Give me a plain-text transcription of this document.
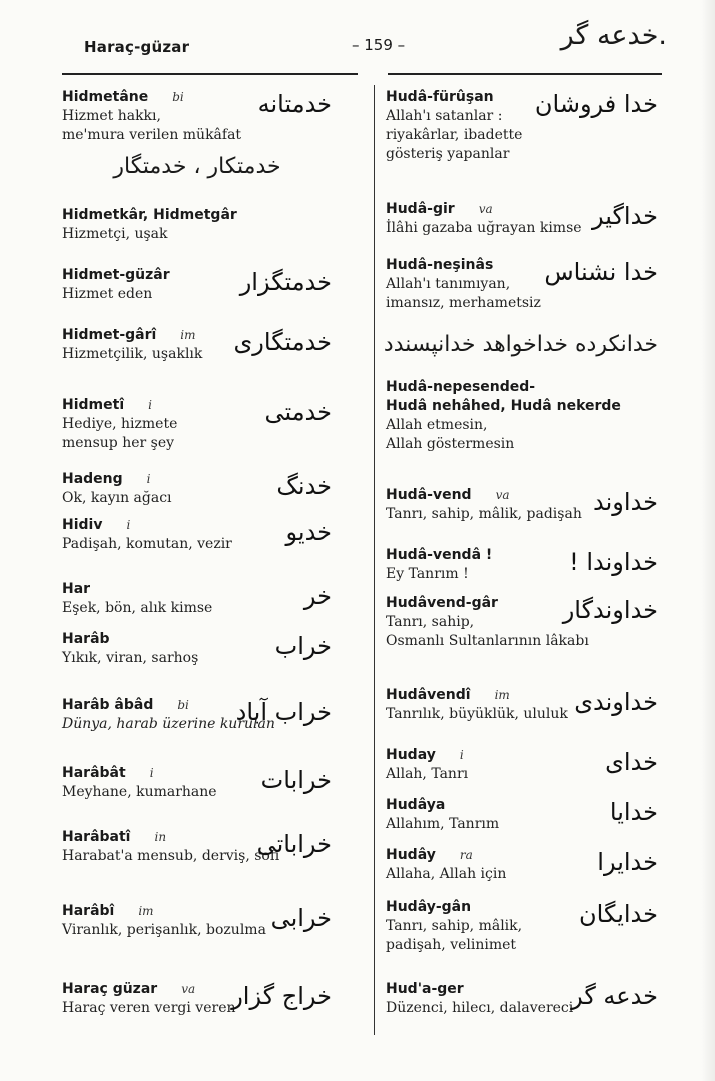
Haraç-güzar	– 159 –	خدعه گر.
Hidmetâne bi
Hizmet hakkı,
me'mura verilen mükâfat
خدمتانه
خدمتكار ، خدمتگار
Hidmetkâr, Hidmetgâr
Hizmetçi, uşak
Hidmet-güzâr
Hizmet eden	خدمتگزار
Hidmet-gârî im
Hizmetçilik, uşaklık	خدمتگاری
Hidmetî i
Hediye, hizmete
mensup her şey
خدمتی
Hadeng i
Ok, kayın ağacı	خدنگ
Hidiv i
Padişah, komutan, vezir	خدیو
Har
Eşek, bön, alık kimse	خر
Harâb
Yıkık, viran, sarhoş	خراب
Harâb âbâd bi
Dünya, harab üzerine kurulan
خراب آباد
Harâbât i
Meyhane, kumarhane	خرابات
Harâbatî in
Harabat'a mensub, derviş, sofi
خراباتی
Harâbî im
Viranlık, perişanlık, bozulma خرابی
Haraç güzar va
Haraç veren vergi veren
خراج گزار
Hudâ-fürûşan
Allah'ı satanlar :
riyakârlar, ibadette
gösteriş yapanlar
خدا فروشان
Hudâ-gir va
İlâhi gazaba uğrayan kimse خداگیر
Hudâ-neşinâs
Allah'ı tanımıyan,
imansız, merhametsiz
خدا نشناس
خدانكرده خداخواهد خدانپسندد
Hudâ-nepesended-
Hudâ nehâhed, Hudâ nekerde
Allah etmesin,
Allah göstermesin
Hudâ-vend va
Tanrı, sahip, mâlik, padişah خداوند
Hudâ-vendâ !
Ey Tanrım !	خداوندا !
Hudâvend-gâr
Tanrı, sahip,
Osmanlı Sultanlarının lâkabı
خداوندگار
Hudâvendî im
Tanrılık, büyüklük, ululuk خداوندی
Huday i
Allah, Tanrı	خدای
Hudâya
Allahım, Tanrım	خدایا
Hudây ra
Allaha, Allah için	خدایرا
Hudây-gân
Tanrı, sahip, mâlik,
padişah, velinimet
خدایگان
Hud'a-ger
Düzenci, hilecı, dalavereci
خدعه گر
